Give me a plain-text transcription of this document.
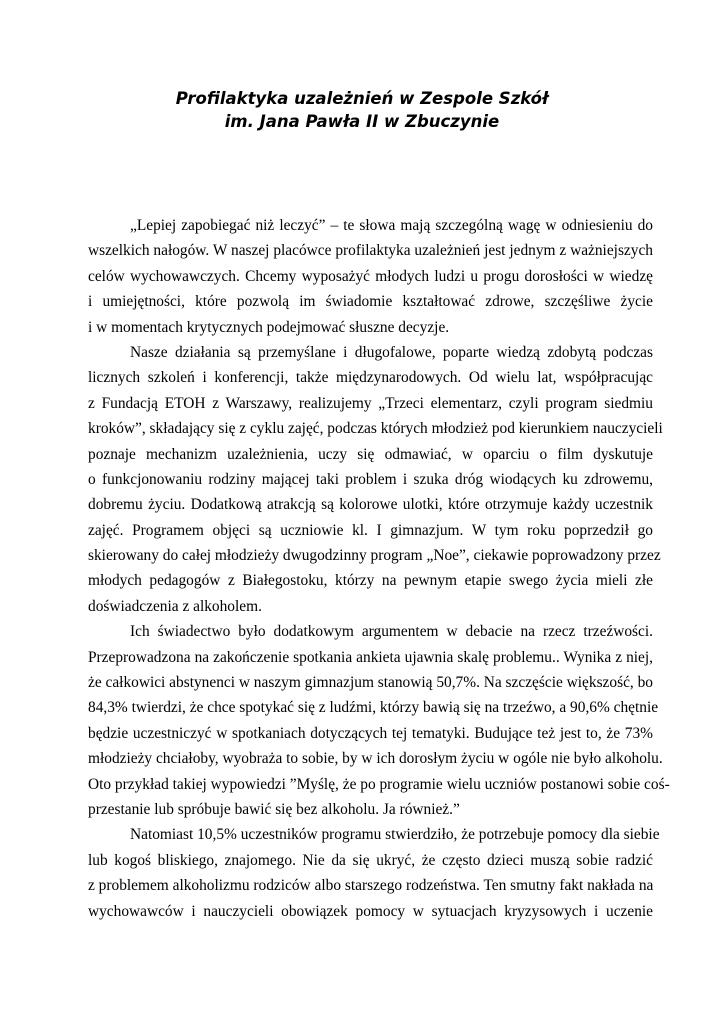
Profilaktyka uzależnień w Zespole Szkół
im. Jana Pawła II w Zbuczynie
„Lepiej zapobiegać niż leczyć” – te słowa mają szczególną wagę w odniesieniu do
wszelkich nałogów. W naszej placówce profilaktyka uzależnień jest jednym z ważniejszych
celów wychowawczych. Chcemy wyposażyć młodych ludzi u progu dorosłości w wiedzę
i umiejętności, które pozwolą im świadomie kształtować zdrowe, szczęśliwe życie
i w momentach krytycznych podejmować słuszne decyzje.
Nasze działania są przemyślane i długofalowe, poparte wiedzą zdobytą podczas
licznych szkoleń i konferencji, także międzynarodowych. Od wielu lat, współpracując
z Fundacją ETOH z Warszawy, realizujemy „Trzeci elementarz, czyli program siedmiu
kroków”, składający się z cyklu zajęć, podczas których młodzież pod kierunkiem nauczycieli
poznaje mechanizm uzależnienia, uczy się odmawiać, w oparciu o film dyskutuje
o funkcjonowaniu rodziny mającej taki problem i szuka dróg wiodących ku zdrowemu,
dobremu życiu. Dodatkową atrakcją są kolorowe ulotki, które otrzymuje każdy uczestnik
zajęć. Programem objęci są uczniowie kl. I gimnazjum. W tym roku poprzedził go
skierowany do całej młodzieży dwugodzinny program „Noe”, ciekawie poprowadzony przez
młodych pedagogów z Białegostoku, którzy na pewnym etapie swego życia mieli złe
doświadczenia z alkoholem.
Ich świadectwo było dodatkowym argumentem w debacie na rzecz trzeźwości.
Przeprowadzona na zakończenie spotkania ankieta ujawnia skalę problemu.. Wynika z niej,
że całkowici abstynenci w naszym gimnazjum stanowią 50,7%. Na szczęście większość, bo
84,3% twierdzi, że chce spotykać się z ludźmi, którzy bawią się na trzeźwo, a 90,6% chętnie
będzie uczestniczyć w spotkaniach dotyczących tej tematyki. Budujące też jest to, że 73%
młodzieży chciałoby, wyobraża to sobie, by w ich dorosłym życiu w ogóle nie było alkoholu.
Oto przykład takiej wypowiedzi ”Myślę, że po programie wielu uczniów postanowi sobie coś-
przestanie lub spróbuje bawić się bez alkoholu. Ja również.”
Natomiast 10,5% uczestników programu stwierdziło, że potrzebuje pomocy dla siebie
lub kogoś bliskiego, znajomego. Nie da się ukryć, że często dzieci muszą sobie radzić
z problemem alkoholizmu rodziców albo starszego rodzeństwa. Ten smutny fakt nakłada na
wychowawców i nauczycieli obowiązek pomocy w sytuacjach kryzysowych i uczenie
